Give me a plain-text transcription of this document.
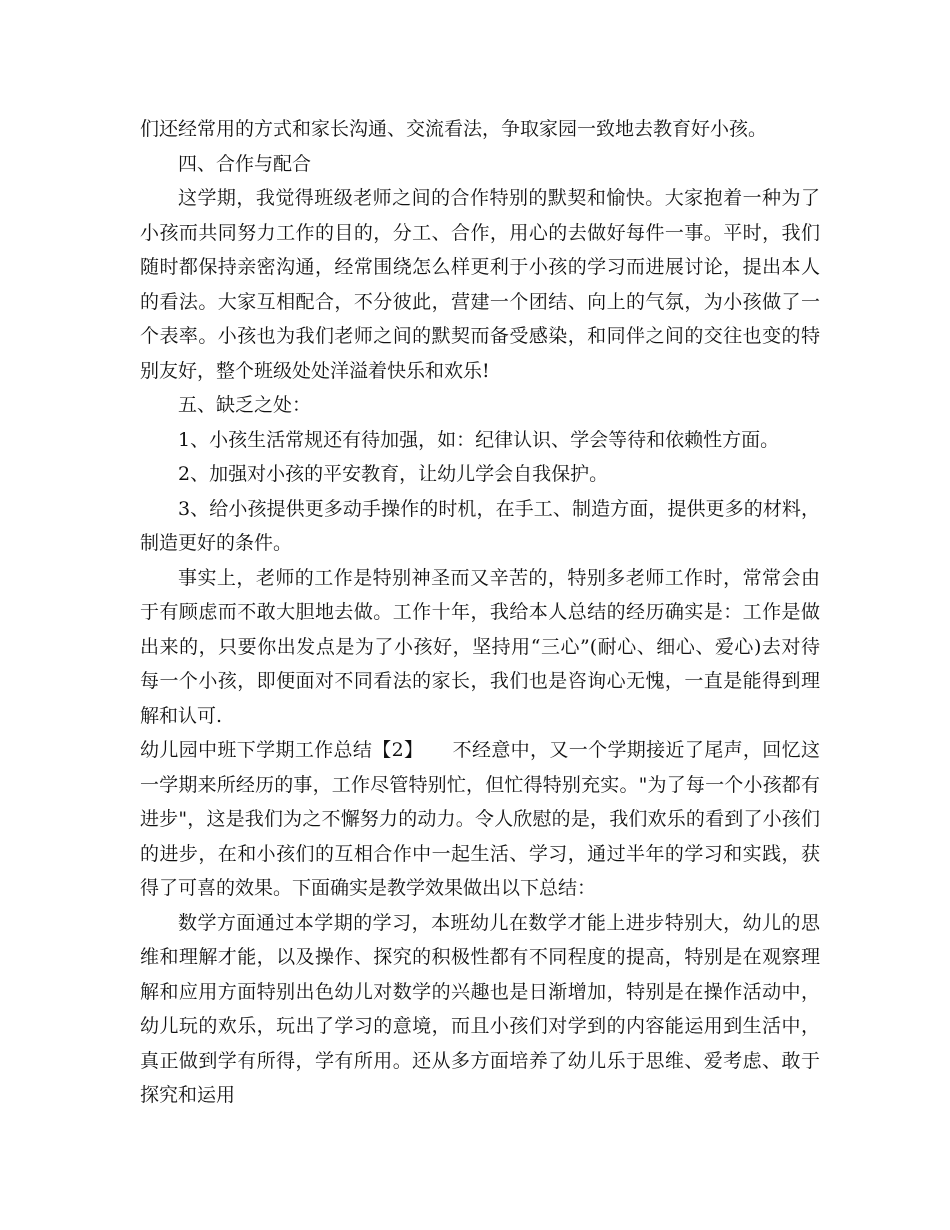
们还经常用的方式和家长沟通、交流看法，争取家园一致地去教育好小孩。

四、合作与配合

这学期，我觉得班级老师之间的合作特别的默契和愉快。大家抱着一种为了小孩而共同努力工作的目的，分工、合作，用心的去做好每件一事。平时，我们随时都保持亲密沟通，经常围绕怎么样更利于小孩的学习而进展讨论，提出本人的看法。大家互相配合，不分彼此，营建一个团结、向上的气氛，为小孩做了一个表率。小孩也为我们老师之间的默契而备受感染，和同伴之间的交往也变的特别友好，整个班级处处洋溢着快乐和欢乐!

五、缺乏之处：

1、小孩生活常规还有待加强，如：纪律认识、学会等待和依赖性方面。

2、加强对小孩的平安教育，让幼儿学会自我保护。

3、给小孩提供更多动手操作的时机，在手工、制造方面，提供更多的材料，制造更好的条件。

事实上，老师的工作是特别神圣而又辛苦的，特别多老师工作时，常常会由于有顾虑而不敢大胆地去做。工作十年，我给本人总结的经历确实是：工作是做出来的，只要你出发点是为了小孩好，坚持用“三心”(耐心、细心、爱心)去对待每一个小孩，即便面对不同看法的家长，我们也是咨询心无愧，一直是能得到理解和认可.

幼儿园中班下学期工作总结【2】　　 不经意中，又一个学期接近了尾声，回忆这一学期来所经历的事，工作尽管特别忙，但忙得特别充实。"为了每一个小孩都有进步"，这是我们为之不懈努力的动力。令人欣慰的是，我们欢乐的看到了小孩们的进步，在和小孩们的互相合作中一起生活、学习，通过半年的学习和实践，获得了可喜的效果。下面确实是教学效果做出以下总结：

数学方面通过本学期的学习，本班幼儿在数学才能上进步特别大，幼儿的思维和理解才能，以及操作、探究的积极性都有不同程度的提高，特别是在观察理解和应用方面特别出色幼儿对数学的兴趣也是日渐增加，特别是在操作活动中，幼儿玩的欢乐，玩出了学习的意境，而且小孩们对学到的内容能运用到生活中，真正做到学有所得，学有所用。还从多方面培养了幼儿乐于思维、爱考虑、敢于探究和运用
